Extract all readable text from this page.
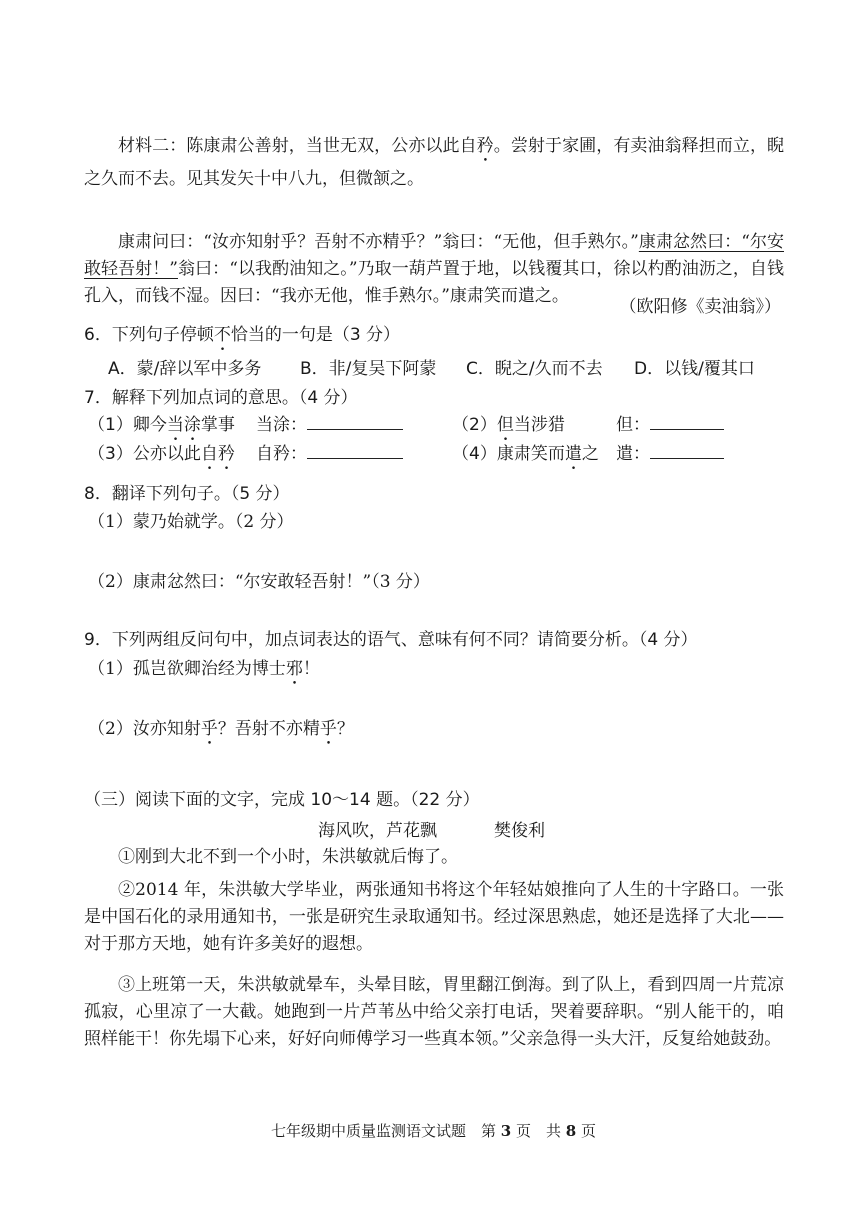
材料二：陈康肃公善射，当世无双，公亦以此自矜。尝射于家圃，有卖油翁释担而立，睨之久而不去。见其发矢十中八九，但微颔之。
康肃问曰：“汝亦知射乎？吾射不亦精乎？”翁曰：“无他，但手熟尔。”康肃忿然曰：“尔安敢轻吾射！”翁曰：“以我酌油知之。”乃取一葫芦置于地，以钱覆其口，徐以杓酌油沥之，自钱孔入，而钱不湿。因曰：“我亦无他，惟手熟尔。”康肃笑而遣之。
（欧阳修《卖油翁》）
6．下列句子停顿不恰当的一句是（3 分）
A．蒙/辞以军中多务 B．非/复吴下阿蒙 C．睨之/久而不去 D．以钱/覆其口
7．解释下列加点词的意思。（4 分）
（1）卿今当涂掌事 当涂：	（2）但当涉猎	但：
（3）公亦以此自矜 自矜：	（4）康肃笑而遣之 遣：
8．翻译下列句子。（5 分）
（1）蒙乃始就学。（2 分）
（2）康肃忿然曰：“尔安敢轻吾射！”（3 分）
9．下列两组反问句中，加点词表达的语气、意味有何不同？请简要分析。（4 分）
（1）孤岂欲卿治经为博士邪！
（2）汝亦知射乎？吾射不亦精乎？
（三）阅读下面的文字，完成 10～14 题。（22 分）
海风吹，芦花飘	樊俊利
①刚到大北不到一个小时，朱洪敏就后悔了。
②2014 年，朱洪敏大学毕业，两张通知书将这个年轻姑娘推向了人生的十字路口。一张是中国石化的录用通知书，一张是研究生录取通知书。经过深思熟虑，她还是选择了大北——对于那方天地，她有许多美好的遐想。
③上班第一天，朱洪敏就晕车，头晕目眩，胃里翻江倒海。到了队上，看到四周一片荒凉孤寂，心里凉了一大截。她跑到一片芦苇丛中给父亲打电话，哭着要辞职。“别人能干的，咱照样能干！你先塌下心来，好好向师傅学习一些真本领。”父亲急得一头大汗，反复给她鼓劲。
七年级期中质量监测语文试题　第 3 页　共 8 页
